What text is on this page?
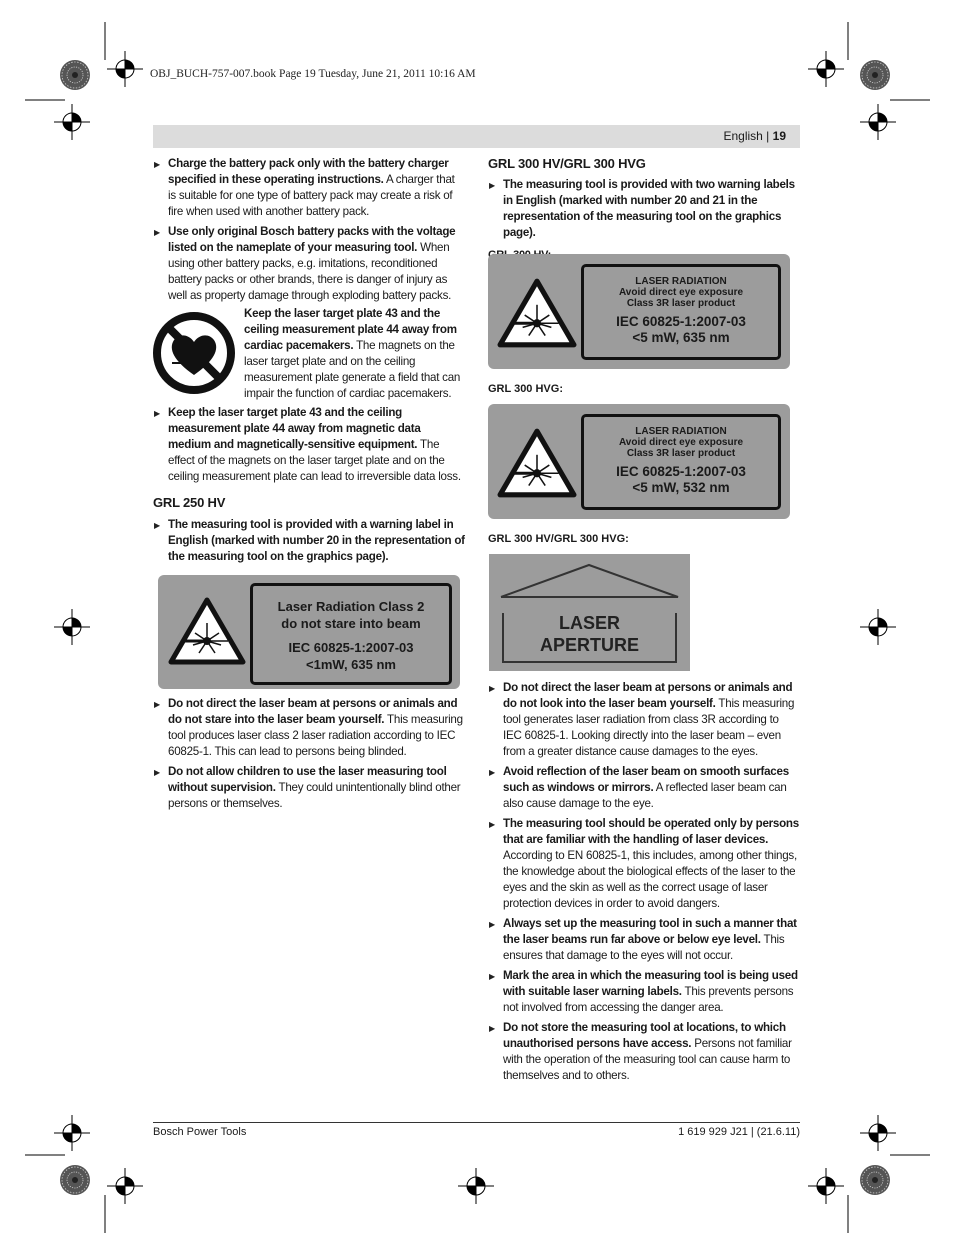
OBJ_BUCH-757-007.book Page 19 Tuesday, June 21, 2011 10:16 AM
English | 19

▶ Charge the battery pack only with the battery charger specified in these operating instructions. A charger that is suitable for one type of battery pack may create a risk of fire when used with another battery pack.

▶ Use only original Bosch battery packs with the voltage listed on the nameplate of your measuring tool. When using other battery packs, e.g. imitations, reconditioned battery packs or other brands, there is danger of injury as well as property damage through exploding battery packs.

Keep the laser target plate 43 and the ceiling measurement plate 44 away from cardiac pacemakers. The magnets on the laser target plate and on the ceiling measurement plate generate a field that can impair the function of cardiac pacemakers.

▶ Keep the laser target plate 43 and the ceiling measurement plate 44 away from magnetic data medium and magnetically-sensitive equipment. The effect of the magnets on the laser target plate and on the ceiling measurement plate can lead to irreversible data loss.

GRL 250 HV

▶ The measuring tool is provided with a warning label in English (marked with number 20 in the representation of the measuring tool on the graphics page).

Laser Radiation Class 2
do not stare into beam
IEC 60825-1:2007-03
<1mW, 635 nm

▶ Do not direct the laser beam at persons or animals and do not stare into the laser beam yourself. This measuring tool produces laser class 2 laser radiation according to IEC 60825-1. This can lead to persons being blinded.

▶ Do not allow children to use the laser measuring tool without supervision. They could unintentionally blind other persons or themselves.

GRL 300 HV/GRL 300 HVG

▶ The measuring tool is provided with two warning labels in English (marked with number 20 and 21 in the representation of the measuring tool on the graphics page).

LASER RADIATION
Avoid direct eye exposure
Class 3R laser product
IEC 60825-1:2007-03
<5 mW, 635 nm
GRL 300 HVG:
LASER RADIATION
Avoid direct eye exposure
Class 3R laser product
IEC 60825-1:2007-03
<5 mW, 532 nm
GRL 300 HV/GRL 300 HVG:
LASER
APERTURE

▶ Do not direct the laser beam at persons or animals and do not look into the laser beam yourself. This measuring tool generates laser radiation from class 3R according to IEC 60825-1. Looking directly into the laser beam – even from a greater distance cause damages to the eyes.

▶ Avoid reflection of the laser beam on smooth surfaces such as windows or mirrors. A reflected laser beam can also cause damage to the eye.

▶ The measuring tool should be operated only by persons that are familiar with the handling of laser devices. According to EN 60825-1, this includes, among other things, the knowledge about the biological effects of the laser to the eyes and the skin as well as the correct usage of laser protection devices in order to avoid dangers.

▶ Always set up the measuring tool in such a manner that the laser beams run far above or below eye level. This ensures that damage to the eyes will not occur.

▶ Mark the area in which the measuring tool is being used with suitable laser warning labels. This prevents persons not involved from accessing the danger area.

▶ Do not store the measuring tool at locations, to which unauthorised persons have access. Persons not familiar with the operation of the measuring tool can cause harm to themselves and to others.

Bosch Power Tools	1 619 929 J21 | (21.6.11)
